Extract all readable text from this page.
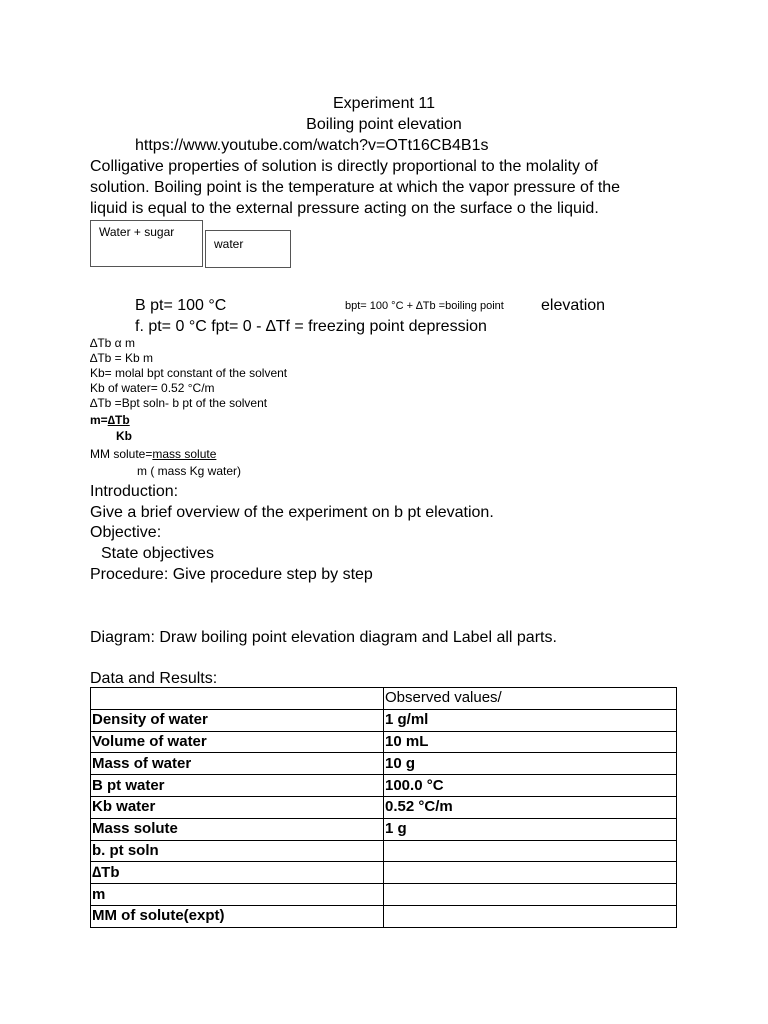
Experiment 11
Boiling point elevation
https://www.youtube.com/watch?v=OTt16CB4B1s
Colligative properties of solution is directly proportional to the molality of
solution. Boiling point is the temperature at which the vapor pressure of the
liquid is equal to the external pressure acting on the surface o the liquid.
Water + sugar
water
B pt= 100 °C	bpt= 100 °C + ∆Tb =boiling point elevation
f. pt= 0 °C fpt= 0 - ∆Tf = freezing point depression
∆Tb α m
∆Tb = Kb m
Kb= molal bpt constant of the solvent
Kb of water= 0.52 °C/m
∆Tb =Bpt soln- b pt of the solvent
m=∆Tb
Kb
MM solute=mass solute
m ( mass Kg water)
Introduction:
Give a brief overview of the experiment on b pt elevation.
Objective:
State objectives
Procedure: Give procedure step by step
Diagram: Draw boiling point elevation diagram and Label all parts.
Data and Results:
	Observed values/
Density of water	1 g/ml
Volume of water	10 mL
Mass of water	10 g
B pt water	100.0 °C
Kb water	0.52 °C/m
Mass solute	1 g
b. pt soln	
∆Tb	
m	
MM of solute(expt)	
